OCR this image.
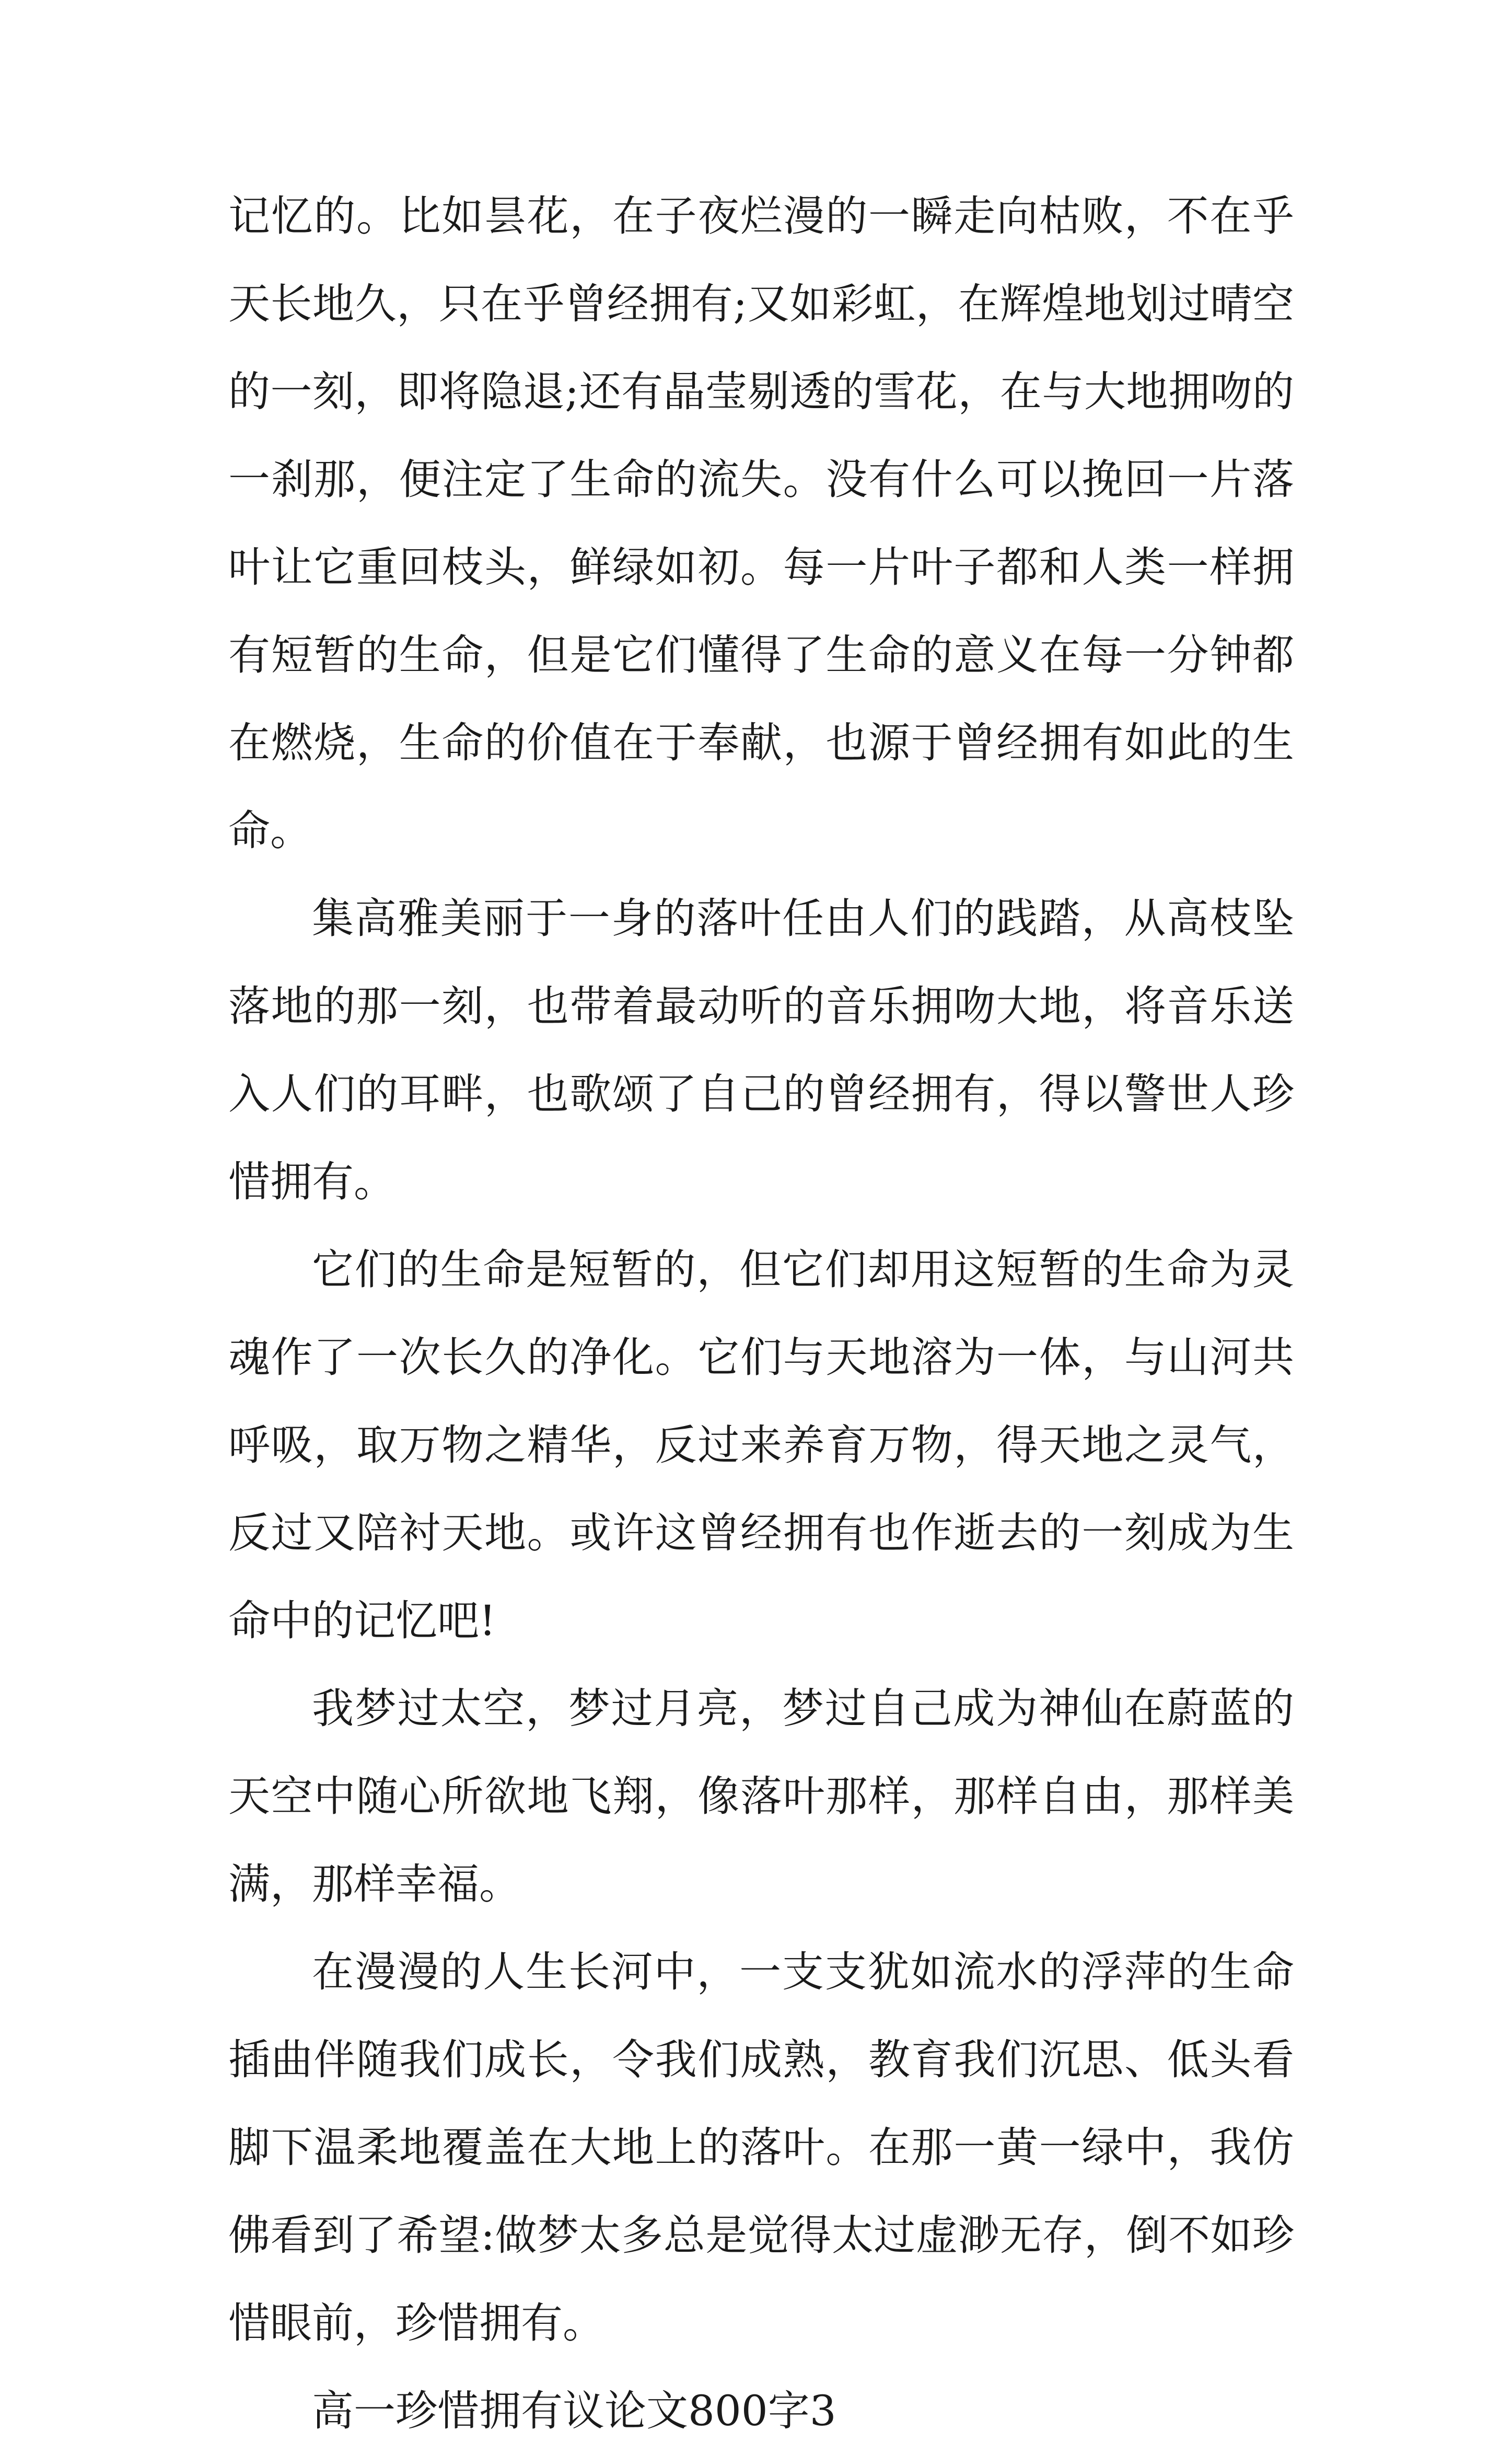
记忆的。比如昙花，在子夜烂漫的一瞬走向枯败，不在乎天长地久，只在乎曾经拥有;又如彩虹，在辉煌地划过晴空的一刻，即将隐退;还有晶莹剔透的雪花，在与大地拥吻的一刹那，便注定了生命的流失。没有什么可以挽回一片落叶让它重回枝头，鲜绿如初。每一片叶子都和人类一样拥有短暂的生命，但是它们懂得了生命的意义在每一分钟都在燃烧，生命的价值在于奉献，也源于曾经拥有如此的生命。

集高雅美丽于一身的落叶任由人们的践踏，从高枝坠落地的那一刻，也带着最动听的音乐拥吻大地，将音乐送入人们的耳畔，也歌颂了自己的曾经拥有，得以警世人珍惜拥有。

它们的生命是短暂的，但它们却用这短暂的生命为灵魂作了一次长久的净化。它们与天地溶为一体，与山河共呼吸，取万物之精华，反过来养育万物，得天地之灵气，反过又陪衬天地。或许这曾经拥有也作逝去的一刻成为生命中的记忆吧!

我梦过太空，梦过月亮，梦过自己成为神仙在蔚蓝的天空中随心所欲地飞翔，像落叶那样，那样自由，那样美满，那样幸福。

在漫漫的人生长河中，一支支犹如流水的浮萍的生命插曲伴随我们成长，令我们成熟，教育我们沉思、低头看脚下温柔地覆盖在大地上的落叶。在那一黄一绿中，我仿佛看到了希望:做梦太多总是觉得太过虚渺无存，倒不如珍惜眼前，珍惜拥有。

高一珍惜拥有议论文800字3
